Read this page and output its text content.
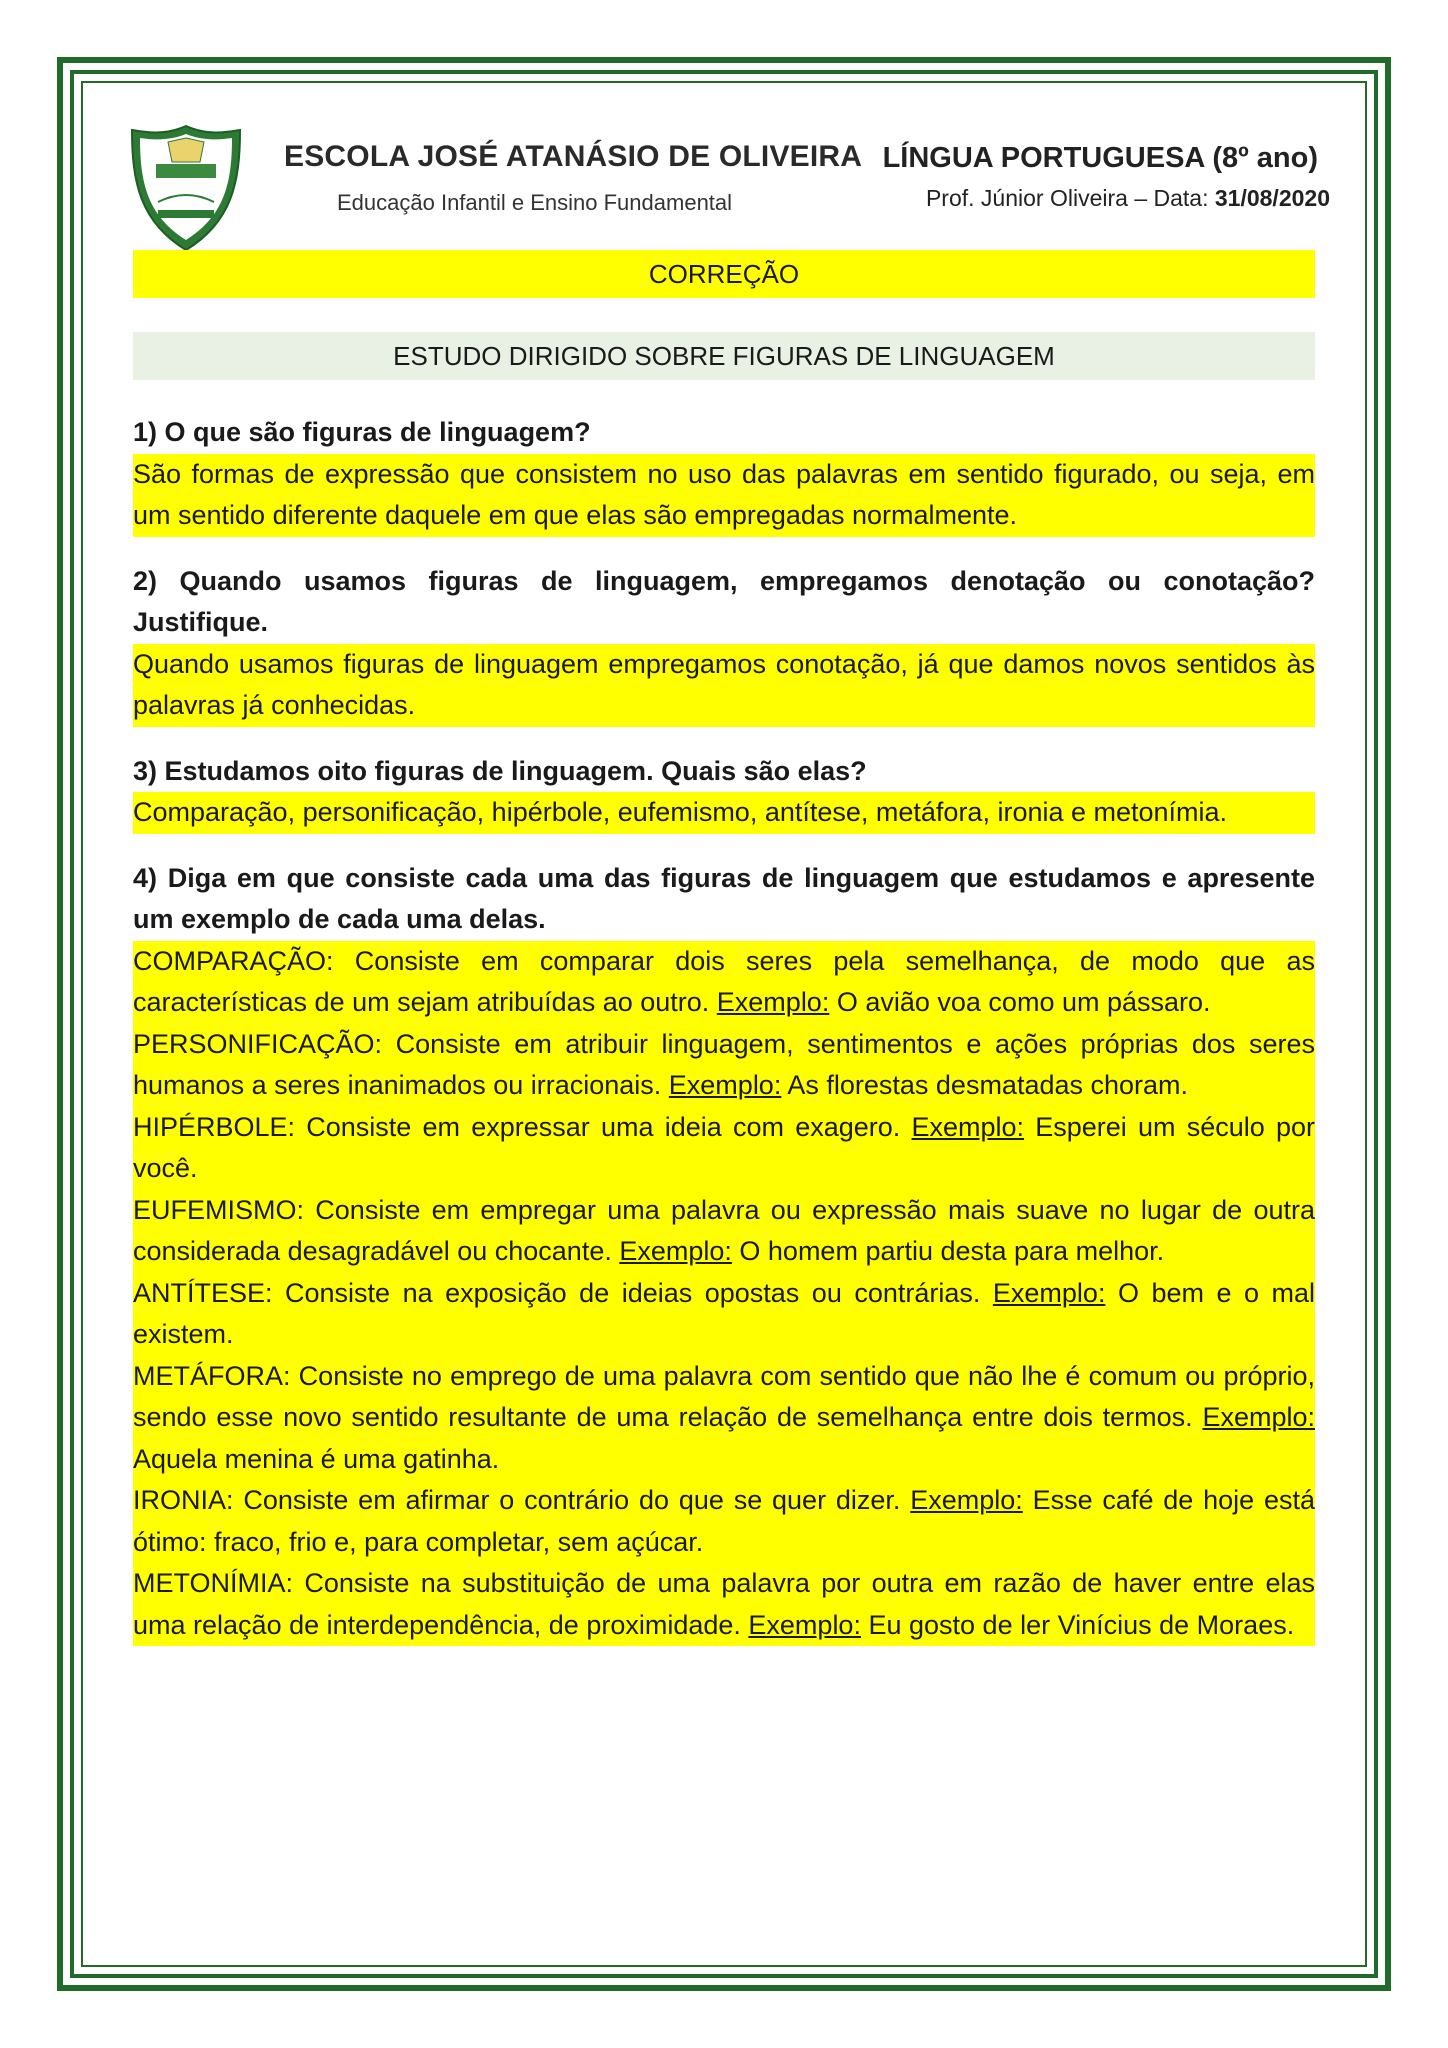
ESCOLA JOSÉ ATANÁSIO DE OLIVEIRA
Educação Infantil e Ensino Fundamental
LÍNGUA PORTUGUESA (8º ano)
Prof. Júnior Oliveira – Data: 31/08/2020
CORREÇÃO
ESTUDO DIRIGIDO SOBRE FIGURAS DE LINGUAGEM

1) O que são figuras de linguagem?

São formas de expressão que consistem no uso das palavras em sentido figurado, ou seja, em um sentido diferente daquele em que elas são empregadas normalmente.

2) Quando usamos figuras de linguagem, empregamos denotação ou conotação? Justifique.

Quando usamos figuras de linguagem empregamos conotação, já que damos novos sentidos às palavras já conhecidas.

3) Estudamos oito figuras de linguagem. Quais são elas?

Comparação, personificação, hipérbole, eufemismo, antítese, metáfora, ironia e metonímia.

4) Diga em que consiste cada uma das figuras de linguagem que estudamos e apresente um exemplo de cada uma delas.

COMPARAÇÃO: Consiste em comparar dois seres pela semelhança, de modo que as características de um sejam atribuídas ao outro. Exemplo: O avião voa como um pássaro.

PERSONIFICAÇÃO: Consiste em atribuir linguagem, sentimentos e ações próprias dos seres humanos a seres inanimados ou irracionais. Exemplo: As florestas desmatadas choram.

HIPÉRBOLE: Consiste em expressar uma ideia com exagero. Exemplo: Esperei um século por você.

EUFEMISMO: Consiste em empregar uma palavra ou expressão mais suave no lugar de outra considerada desagradável ou chocante. Exemplo: O homem partiu desta para melhor.

ANTÍTESE: Consiste na exposição de ideias opostas ou contrárias. Exemplo: O bem e o mal existem.

METÁFORA: Consiste no emprego de uma palavra com sentido que não lhe é comum ou próprio, sendo esse novo sentido resultante de uma relação de semelhança entre dois termos. Exemplo: Aquela menina é uma gatinha.

IRONIA: Consiste em afirmar o contrário do que se quer dizer. Exemplo: Esse café de hoje está ótimo: fraco, frio e, para completar, sem açúcar.

METONÍMIA: Consiste na substituição de uma palavra por outra em razão de haver entre elas uma relação de interdependência, de proximidade. Exemplo: Eu gosto de ler Vinícius de Moraes.
